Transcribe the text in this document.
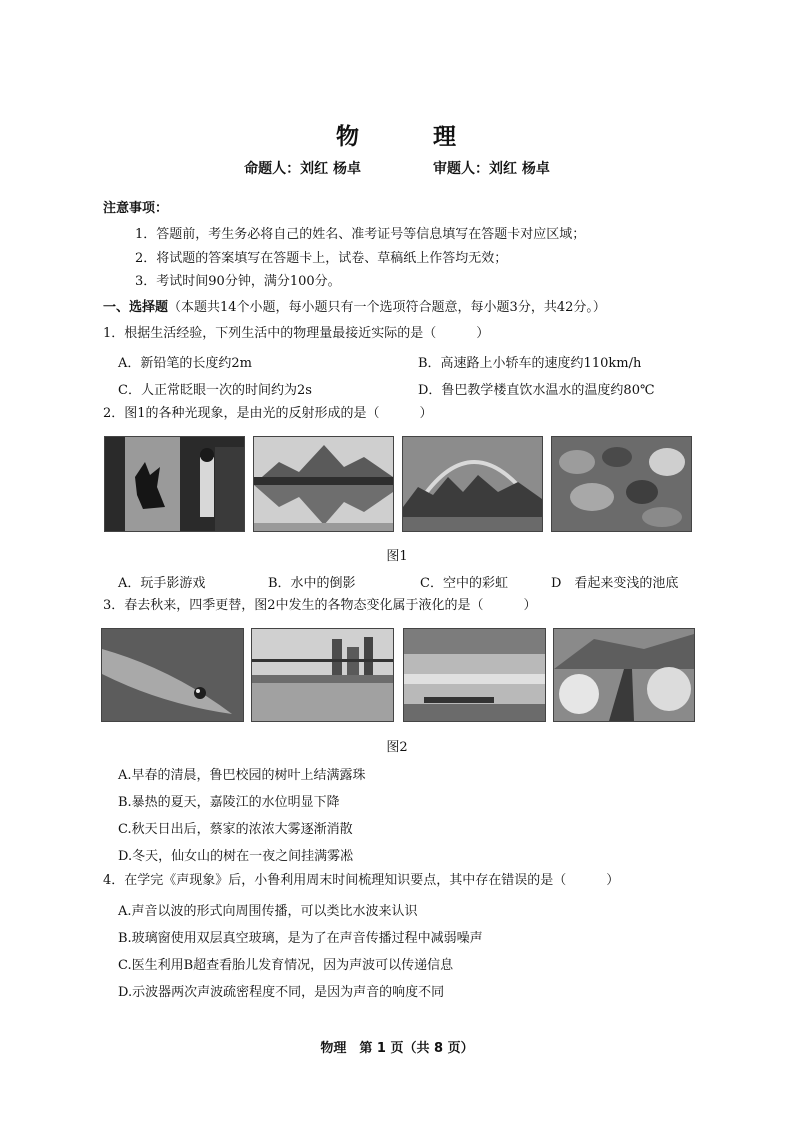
物	理
命题人：刘红 杨卓	审题人：刘红 杨卓
注意事项：
1．答题前，考生务必将自己的姓名、准考证号等信息填写在答题卡对应区域；
2．将试题的答案填写在答题卡上，试卷、草稿纸上作答均无效；
3．考试时间90分钟，满分100分。
一、选择题（本题共14个小题，每小题只有一个选项符合题意，每小题3分，共42分。）
1．根据生活经验，下列生活中的物理量最接近实际的是（	）
A．新铅笔的长度约2m	B．高速路上小轿车的速度约110km/h
C．人正常眨眼一次的时间约为2s	D．鲁巴教学楼直饮水温水的温度约80℃
2．图1的各种光现象，是由光的反射形成的是（	）
图1
A．玩手影游戏	B．水中的倒影	C．空中的彩虹	D　看起来变浅的池底
3．春去秋来，四季更替，图2中发生的各物态变化属于液化的是（	）
图2
A.早春的清晨，鲁巴校园的树叶上结满露珠
B.暴热的夏天，嘉陵江的水位明显下降
C.秋天日出后，蔡家的浓浓大雾逐渐消散
D.冬天，仙女山的树在一夜之间挂满雾凇
4．在学完《声现象》后，小鲁利用周末时间梳理知识要点，其中存在错误的是（	）
A.声音以波的形式向周围传播，可以类比水波来认识
B.玻璃窗使用双层真空玻璃，是为了在声音传播过程中减弱噪声
C.医生利用B超查看胎儿发育情况，因为声波可以传递信息
D.示波器两次声波疏密程度不同，是因为声音的响度不同
物理　第 1 页（共 8 页）
